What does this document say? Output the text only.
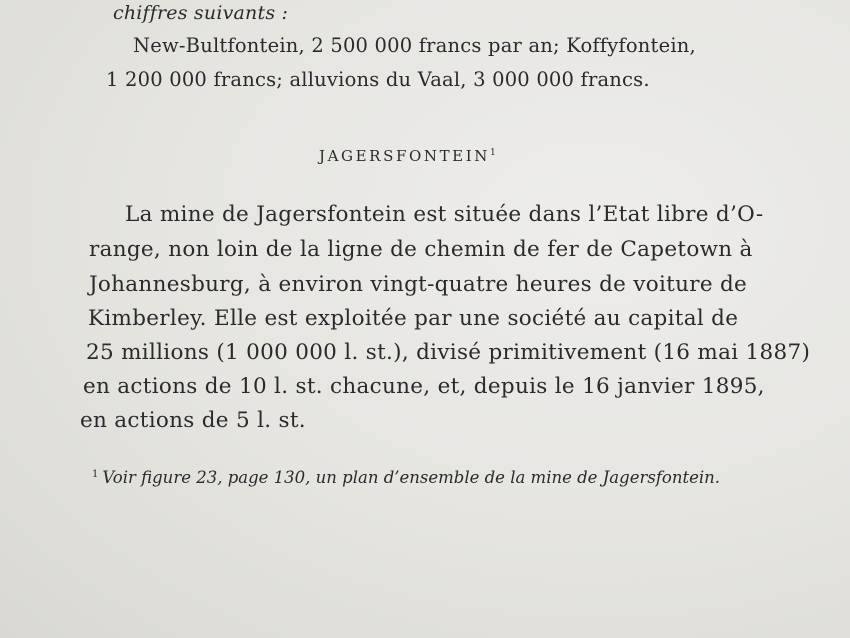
chiffres suivants :
New-Bultfontein, 2 500 000 francs par an; Koffyfontein,
1 200 000 francs; alluvions du Vaal, 3 000 000 francs.
JAGERSFONTEIN$^1$
La mine de Jagersfontein est située dans l’Etat libre d’O-
range, non loin de la ligne de chemin de fer de Capetown à
Johannesburg, à environ vingt-quatre heures de voiture de
Kimberley. Elle est exploitée par une société au capital de
25 millions (1 000 000 l. st.), divisé primitivement (16 mai 1887)
en actions de 10 l. st. chacune, et, depuis le 16 janvier 1895,
en actions de 5 l. st.
$^1$ Voir figure 23, page 130, un plan d’ensemble de la mine de Jagersfontein.
